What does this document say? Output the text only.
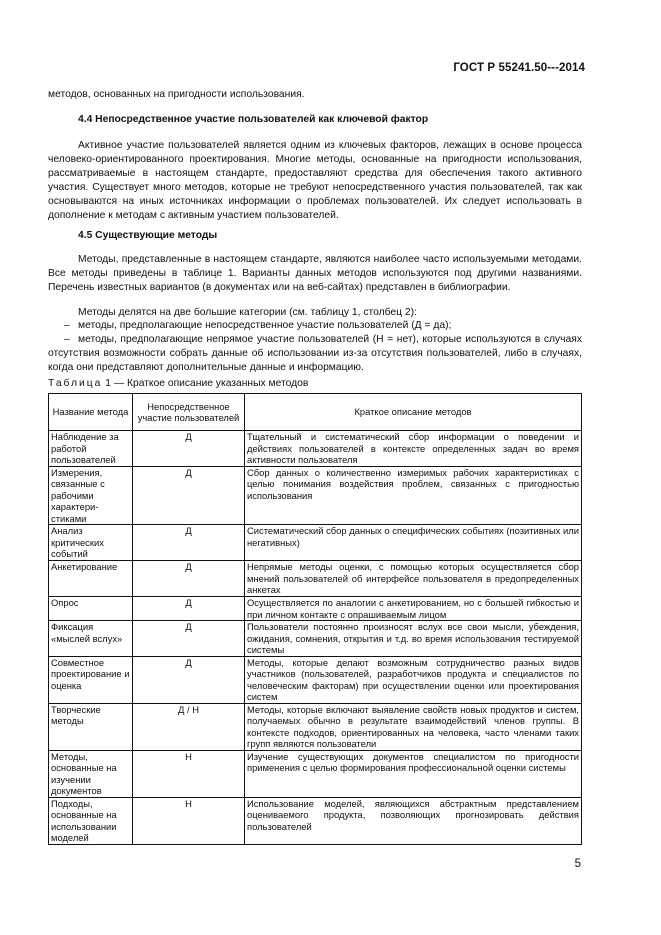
ГОСТ Р 55241.50---2014
методов, основанных на пригодности использования.
4.4 Непосредственное участие пользователей как ключевой фактор
Активное участие пользователей является одним из ключевых факторов, лежащих в основе процесса человеко-ориентированного проектирования. Многие методы, основанные на пригодности использования, рассматриваемые в настоящем стандарте, предоставляют средства для обеспечения такого активного участия. Существует много методов, которые не требуют непосредственного участия пользователей, так как основываются на иных источниках информации о проблемах пользователей. Их следует использовать в дополнение к методам с активным участием пользователей.
4.5 Существующие методы
Методы, представленные в настоящем стандарте, являются наиболее часто используемыми методами. Все методы приведены в таблице 1. Варианты данных методов используются под другими названиями. Перечень известных вариантов (в документах или на веб-сайтах) представлен в библиографии.
Методы делятся на две большие категории (см. таблицу 1, столбец 2):
– методы, предполагающие непосредственное участие пользователей (Д = да);
– методы, предполагающие непрямое участие пользователей (Н = нет), которые используются в случаях отсутствия возможности собрать данные об использовании из-за отсутствия пользователей, либо в случаях, когда они представляют дополнительные данные и информацию.
Таблица 1 — Краткое описание указанных методов
Название метода	Непосредственное участие пользователей	Краткое описание методов
Наблюдение за работой пользователей	Д	Тщательный и систематический сбор информации о поведении и действиях пользователей в контексте определенных задач во время активности пользователя
Измерения, связанные с рабочими характери-стиками	Д	Сбор данных о количественно измеримых рабочих характеристиках с целью понимания воздействия проблем, связанных с пригодностью использования
Анализ критических событий	Д	Систематический сбор данных о специфических событиях (позитивных или негативных)
Анкетирование	Д	Непрямые методы оценки, с помощью которых осуществляется сбор мнений пользователей об интерфейсе пользователя в предопределенных анкетах
Опрос	Д	Осуществляется по аналогии с анкетированием, но с большей гибкостью и при личном контакте с опрашиваемым лицом
Фиксация «мыслей вслух»	Д	Пользователи постоянно произносят вслух все свои мысли, убеждения, ожидания, сомнения, открытия и т.д. во время использования тестируемой системы
Совместное проектирование и оценка	Д	Методы, которые делают возможным сотрудничество разных видов участников (пользователей, разработчиков продукта и специалистов по человеческим факторам) при осуществлении оценки или проектирования систем
Творческие методы	Д / Н	Методы, которые включают выявление свойств новых продуктов и систем, получаемых обычно в результате взаимодействий членов группы. В контексте подходов, ориентированных на человека, часто членами таких групп являются пользователи
Методы, основанные на изучении документов	Н	Изучение существующих документов специалистом по пригодности применения с целью формирования профессиональной оценки системы
Подходы, основанные на использовании моделей	Н	Использование моделей, являющихся абстрактным представлением оцениваемого продукта, позволяющих прогнозировать действия пользователей
5
